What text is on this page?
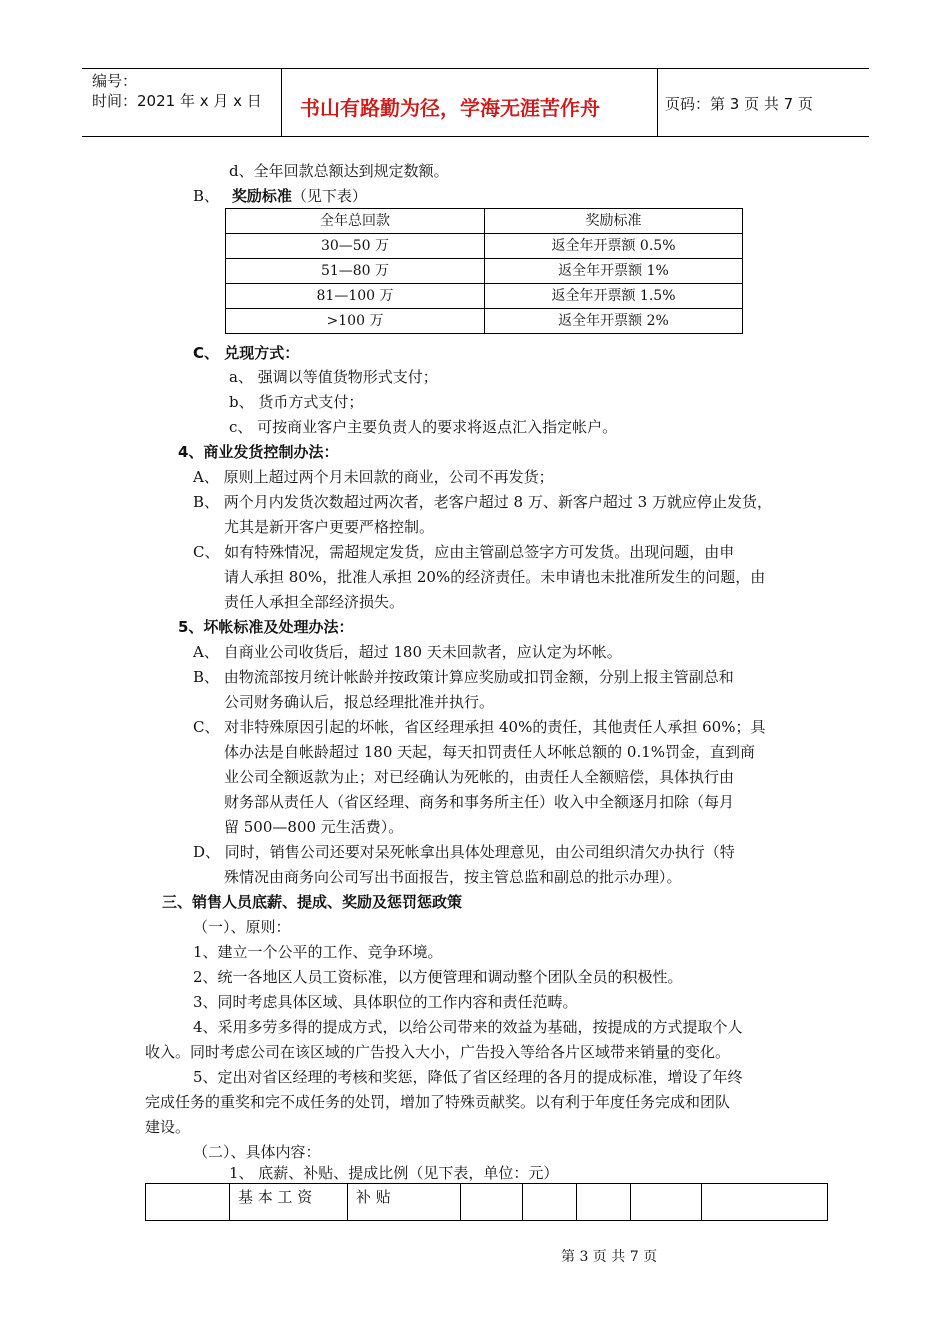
编号：
时间：2021 年 x 月 x 日 书山有路勤为径，学海无涯苦作舟	页码：第 3 页 共 7 页
d、全年回款总额达到规定数额。
B、 奖励标准（见下表）
全年总回款	奖励标准
30—50 万	返全年开票额 0.5%
51—80 万	返全年开票额 1%
81—100 万	返全年开票额 1.5%
>100 万	返全年开票额 2%
C、 兑现方式：
a、 强调以等值货物形式支付；
b、 货币方式支付；
c、 可按商业客户主要负责人的要求将返点汇入指定帐户。
4、商业发货控制办法：
A、 原则上超过两个月未回款的商业，公司不再发货；
B、 两个月内发货次数超过两次者，老客户超过 8 万、新客户超过 3 万就应停止发货，
尤其是新开客户更要严格控制。
C、 如有特殊情况，需超规定发货，应由主管副总签字方可发货。出现问题，由申
请人承担 80%，批准人承担 20%的经济责任。未申请也未批准所发生的问题，由
责任人承担全部经济损失。
5、坏帐标准及处理办法：
A、 自商业公司收货后，超过 180 天未回款者，应认定为坏帐。
B、 由物流部按月统计帐龄并按政策计算应奖励或扣罚金额，分别上报主管副总和
公司财务确认后，报总经理批准并执行。
C、 对非特殊原因引起的坏帐，省区经理承担 40%的责任，其他责任人承担 60%；具
体办法是自帐龄超过 180 天起，每天扣罚责任人坏帐总额的 0.1%罚金，直到商
业公司全额返款为止；对已经确认为死帐的，由责任人全额赔偿，具体执行由
财务部从责任人（省区经理、商务和事务所主任）收入中全额逐月扣除（每月
留 500—800 元生活费）。
D、 同时，销售公司还要对呆死帐拿出具体处理意见，由公司组织清欠办执行（特
殊情况由商务向公司写出书面报告，按主管总监和副总的批示办理）。
三、销售人员底薪、提成、奖励及惩罚惩政策
（一）、原则：
1、建立一个公平的工作、竞争环境。
2、统一各地区人员工资标准，以方便管理和调动整个团队全员的积极性。
3、同时考虑具体区域、具体职位的工作内容和责任范畴。
4、采用多劳多得的提成方式，以给公司带来的效益为基础，按提成的方式提取个人
收入。同时考虑公司在该区域的广告投入大小，广告投入等给各片区域带来销量的变化。
5、定出对省区经理的考核和奖惩，降低了省区经理的各月的提成标准，增设了年终
完成任务的重奖和完不成任务的处罚，增加了特殊贡献奖。以有利于年度任务完成和团队
建设。
（二）、具体内容：
1、 底薪、补贴、提成比例（见下表，单位：元）
	基 本 工 资	补 贴					
第 3 页 共 7 页
